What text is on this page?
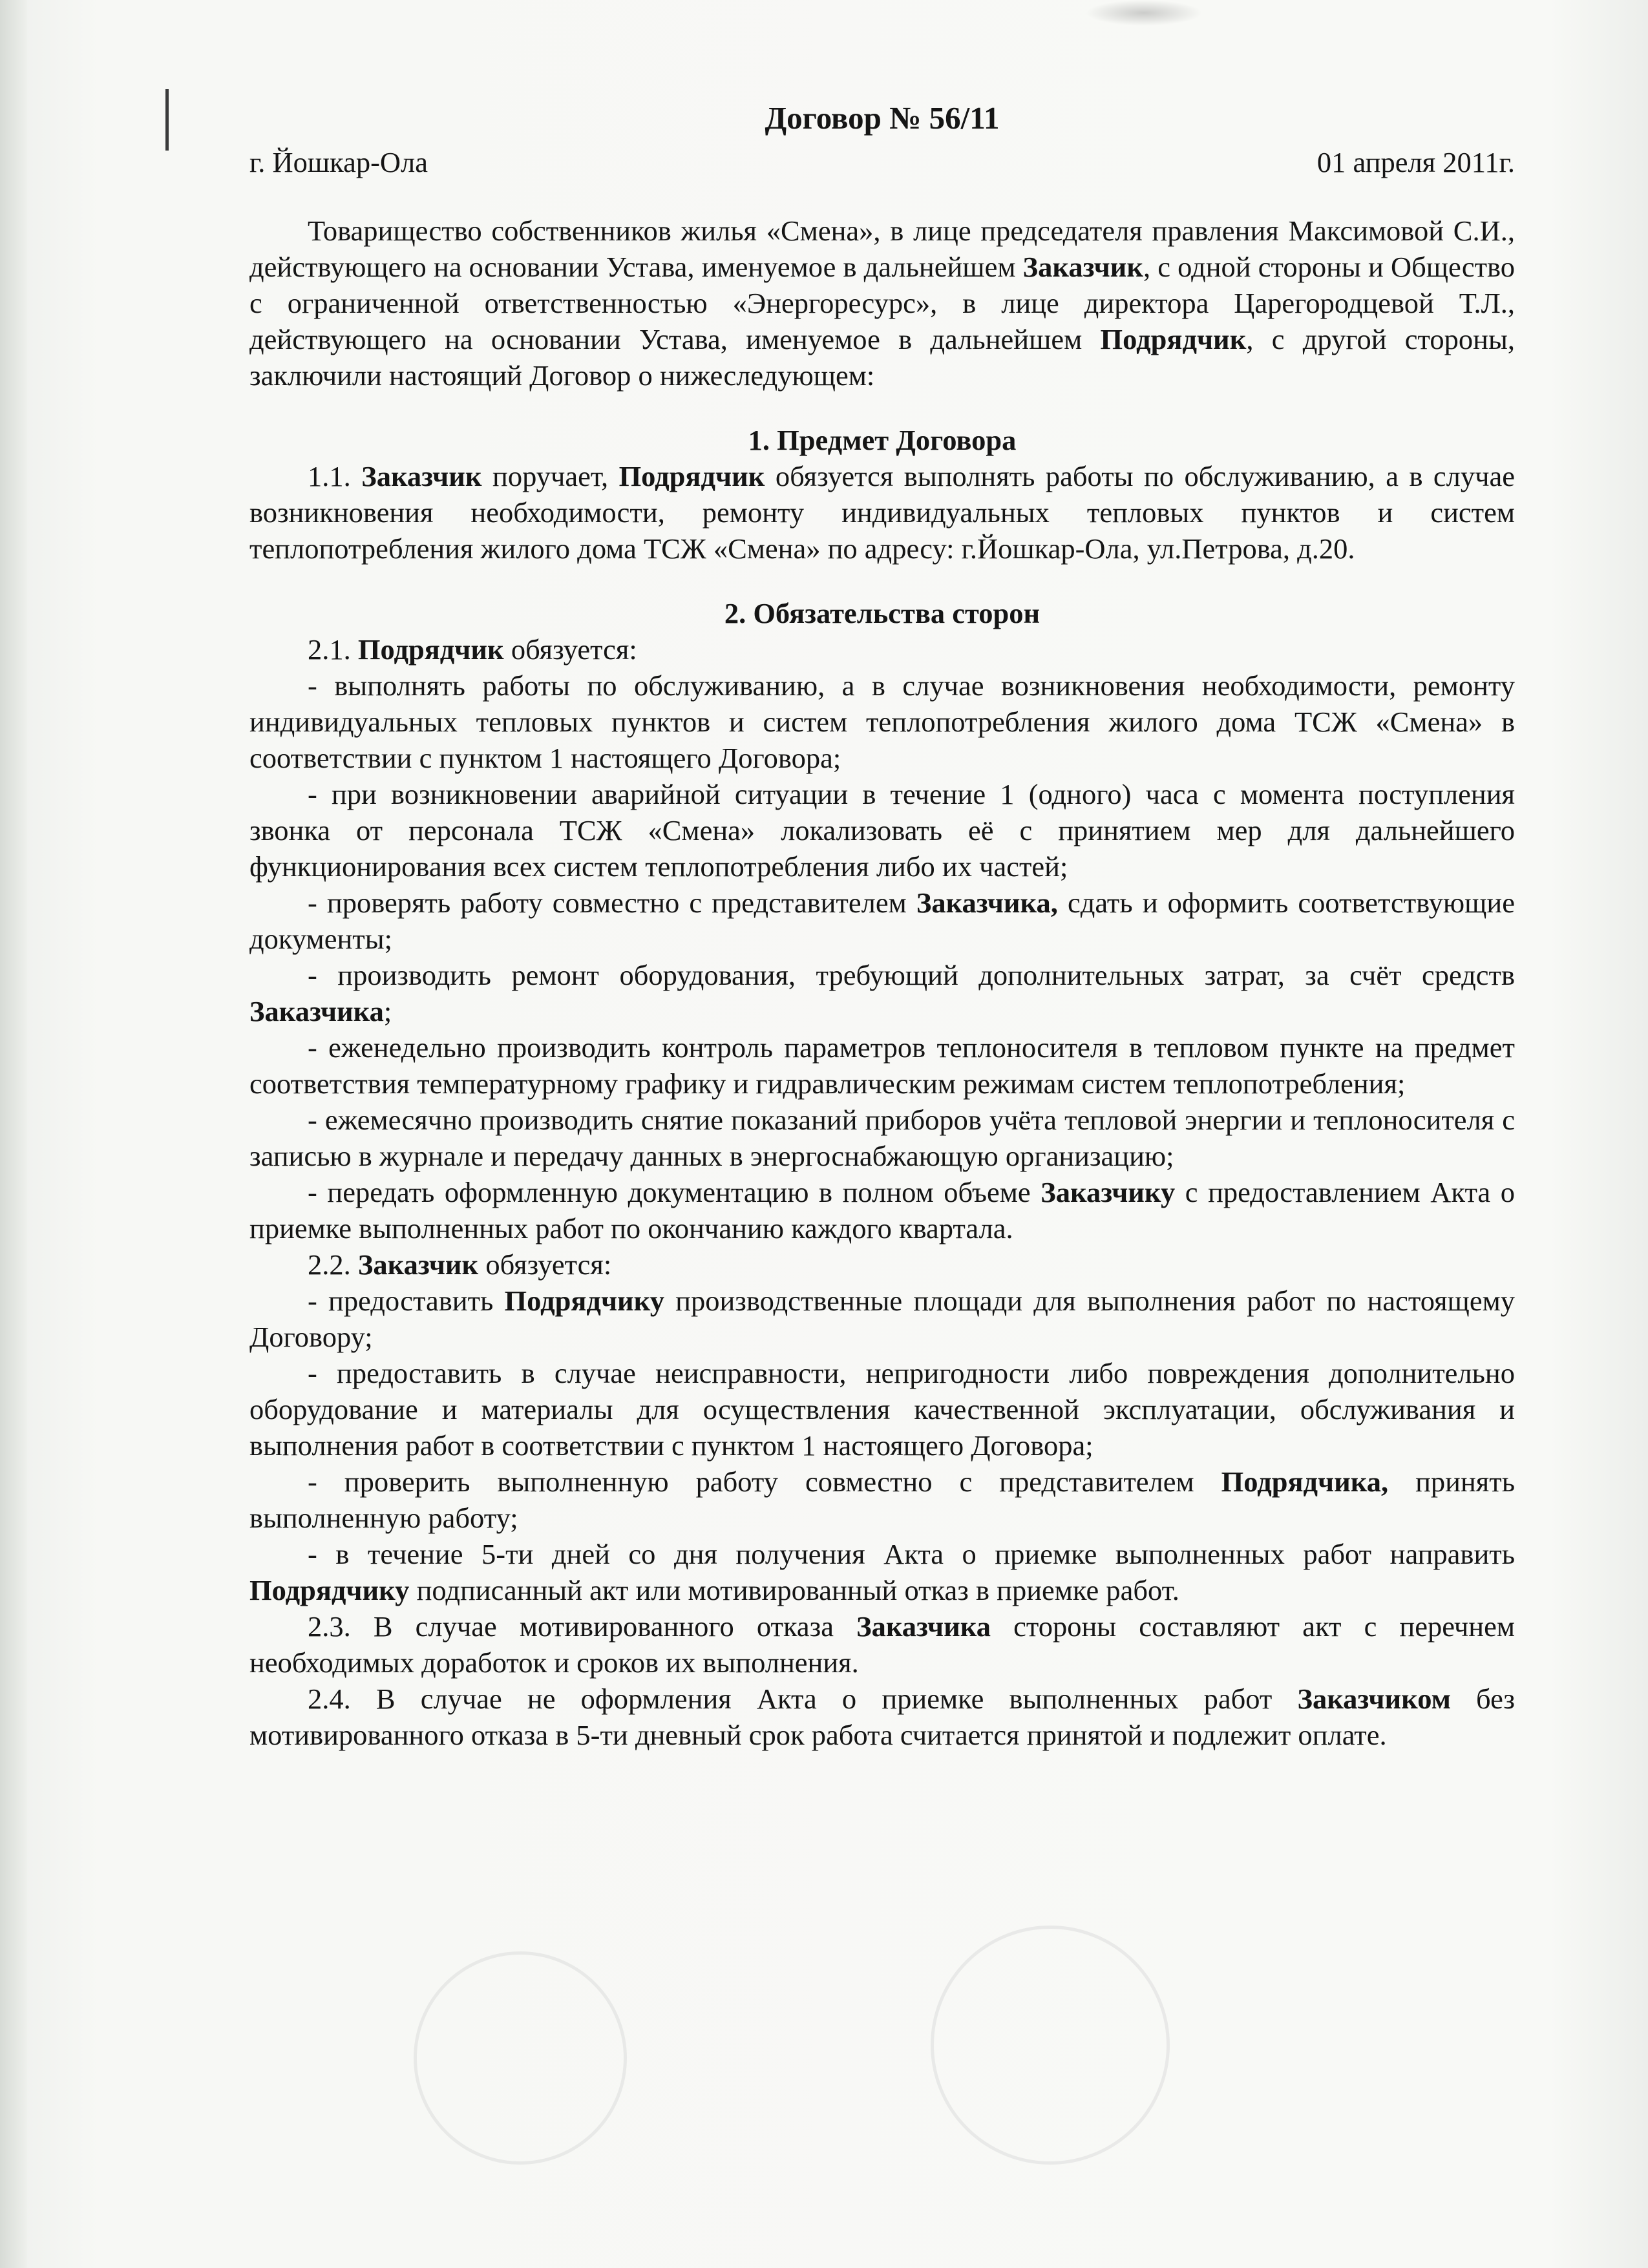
Договор № 56/11

г. Йошкар-Ола	01 апреля 2011г.

Товарищество собственников жилья «Смена», в лице председателя правления Максимовой С.И., действующего на основании Устава, именуемое в дальнейшем Заказчик, с одной стороны и Общество с ограниченной ответственностью «Энергоресурс», в лице директора Царегородцевой Т.Л., действующего на основании Устава, именуемое в дальнейшем Подрядчик, с другой стороны, заключили настоящий Договор о нижеследующем:

1. Предмет Договора

1.1. Заказчик поручает, Подрядчик обязуется выполнять работы по обслуживанию, а в случае возникновения необходимости, ремонту индивидуальных тепловых пунктов и систем теплопотребления жилого дома ТСЖ «Смена» по адресу: г.Йошкар-Ола, ул.Петрова, д.20.

2. Обязательства сторон

2.1. Подрядчик обязуется:

- выполнять работы по обслуживанию, а в случае возникновения необходимости, ремонту индивидуальных тепловых пунктов и систем теплопотребления жилого дома ТСЖ «Смена» в соответствии с пунктом 1 настоящего Договора;

- при возникновении аварийной ситуации в течение 1 (одного) часа с момента поступления звонка от персонала ТСЖ «Смена» локализовать её с принятием мер для дальнейшего функционирования всех систем теплопотребления либо их частей;

- проверять работу совместно с представителем Заказчика, сдать и оформить соответствующие документы;

- производить ремонт оборудования, требующий дополнительных затрат, за счёт средств Заказчика;

- еженедельно производить контроль параметров теплоносителя в тепловом пункте на предмет соответствия температурному графику и гидравлическим режимам систем теплопотребления;

- ежемесячно производить снятие показаний приборов учёта тепловой энергии и теплоносителя с записью в журнале и передачу данных в энергоснабжающую организацию;

- передать оформленную документацию в полном объеме Заказчику с предоставлением Акта о приемке выполненных работ по окончанию каждого квартала.

2.2. Заказчик обязуется:

- предоставить Подрядчику производственные площади для выполнения работ по настоящему Договору;

- предоставить в случае неисправности, непригодности либо повреждения дополнительно оборудование и материалы для осуществления качественной эксплуатации, обслуживания и выполнения работ в соответствии с пунктом 1 настоящего Договора;

- проверить выполненную работу совместно с представителем Подрядчика, принять выполненную работу;

- в течение 5-ти дней со дня получения Акта о приемке выполненных работ направить Подрядчику подписанный акт или мотивированный отказ в приемке работ.

2.3. В случае мотивированного отказа Заказчика стороны составляют акт с перечнем необходимых доработок и сроков их выполнения.

2.4. В случае не оформления Акта о приемке выполненных работ Заказчиком без мотивированного отказа в 5-ти дневный срок работа считается принятой и подлежит оплате.
